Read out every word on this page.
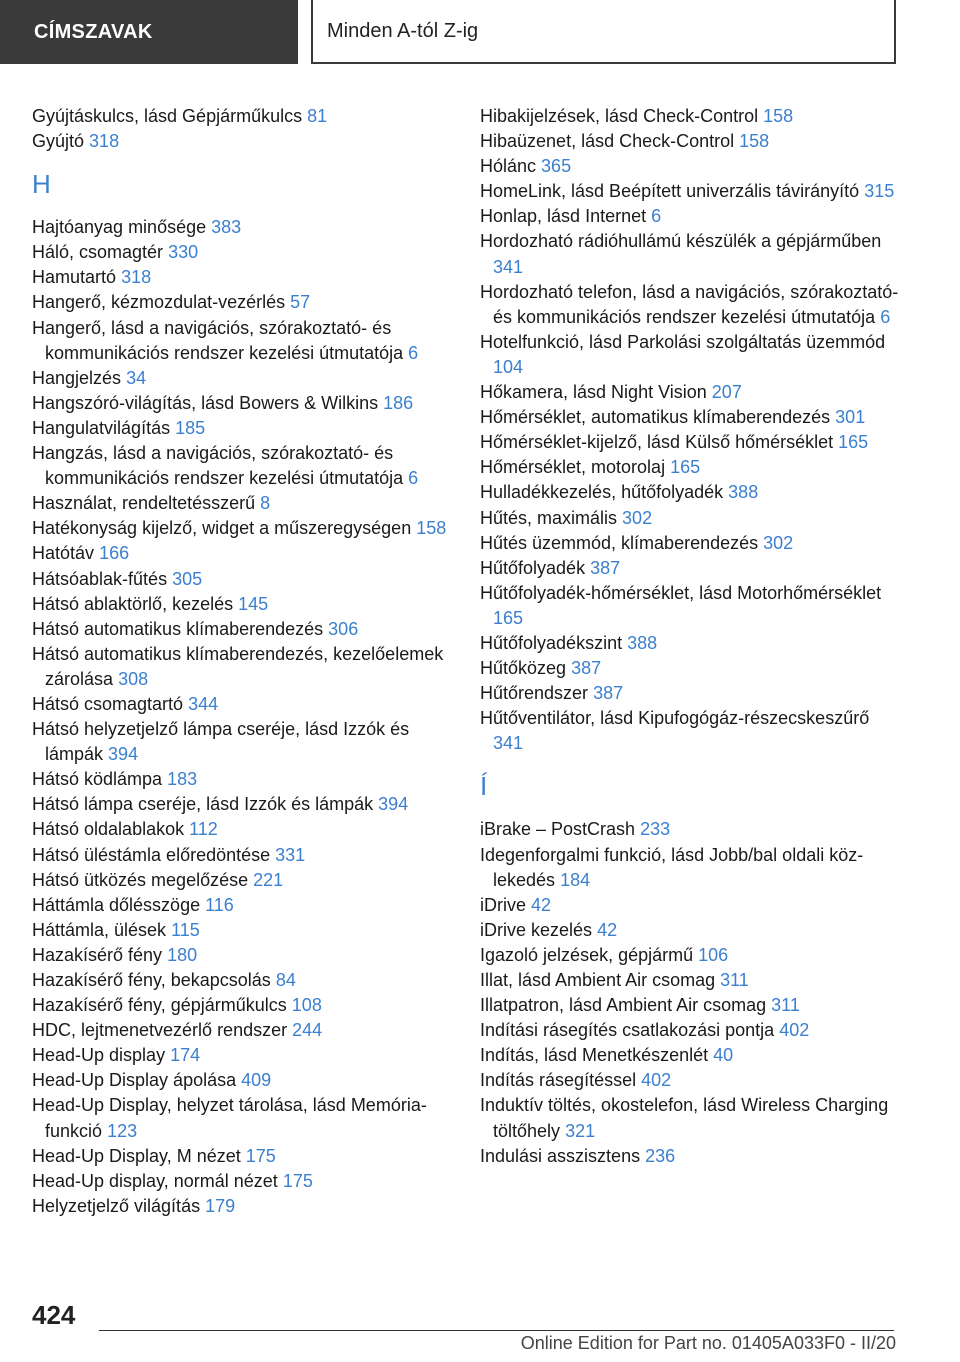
CÍMSZAVAK	Minden A-tól Z-ig

Gyújtáskulcs, lásd Gépjárműkulcs 81

Gyújtó 318

H

Hajtóanyag minősége 383

Háló, csomagtér 330

Hamutartó 318

Hangerő, kézmozdulat-vezérlés 57

Hangerő, lásd a navigációs, szórakoztató- és kommunikációs rendszer kezelési útmutatója 6

Hangjelzés 34

Hangszóró-világítás, lásd Bowers & Wilkins 186

Hangulatvilágítás 185

Hangzás, lásd a navigációs, szórakoztató- és kommunikációs rendszer kezelési útmutatója 6

Használat, rendeltetésszerű 8

Hatékonyság kijelző, widget a műszeregységen 158

Hatótáv 166

Hátsóablak-fűtés 305

Hátsó ablaktörlő, kezelés 145

Hátsó automatikus klímaberendezés 306

Hátsó automatikus klímaberendezés, kezelőelemek zárolása 308

Hátsó csomagtartó 344

Hátsó helyzetjelző lámpa cseréje, lásd Izzók és lámpák 394

Hátsó ködlámpa 183

Hátsó lámpa cseréje, lásd Izzók és lámpák 394

Hátsó oldalablakok 112

Hátsó üléstámla előredöntése 331

Hátsó ütközés megelőzése 221

Háttámla dőlésszöge 116

Háttámla, ülések 115

Hazakísérő fény 180

Hazakísérő fény, bekapcsolás 84

Hazakísérő fény, gépjárműkulcs 108

HDC, lejtmenetvezérlő rendszer 244

Head-Up display 174

Head-Up Display ápolása 409

Head-Up Display, helyzet tárolása, lásd Memóriafunkció 123

Head-Up Display, M nézet 175

Head-Up display, normál nézet 175

Helyzetjelző világítás 179

Hibakijelzések, lásd Check-Control 158

Hibaüzenet, lásd Check-Control 158

Hólánc 365

HomeLink, lásd Beépített univerzális távirányító 315

Honlap, lásd Internet 6

Hordozható rádióhullámú készülék a gépjárműben 341

Hordozható telefon, lásd a navigációs, szórakoztató- és kommunikációs rendszer kezelési útmutatója 6

Hotelfunkció, lásd Parkolási szolgáltatás üzemmód 104

Hőkamera, lásd Night Vision 207

Hőmérséklet, automatikus klímaberendezés 301

Hőmérséklet-kijelző, lásd Külső hőmérséklet 165

Hőmérséklet, motorolaj 165

Hulladékkezelés, hűtőfolyadék 388

Hűtés, maximális 302

Hűtés üzemmód, klímaberendezés 302

Hűtőfolyadék 387

Hűtőfolyadék-hőmérséklet, lásd Motorhőmérséklet 165

Hűtőfolyadékszint 388

Hűtőközeg 387

Hűtőrendszer 387

Hűtőventilátor, lásd Kipufogógáz-részecskeszűrő 341

Í

iBrake – PostCrash 233

Idegenforgalmi funkció, lásd Jobb/bal oldali közlekedés 184

iDrive 42

iDrive kezelés 42

Igazoló jelzések, gépjármű 106

Illat, lásd Ambient Air csomag 311

Illatpatron, lásd Ambient Air csomag 311

Indítási rásegítés csatlakozási pontja 402

Indítás, lásd Menetkészenlét 40

Indítás rásegítéssel 402

Induktív töltés, okostelefon, lásd Wireless Charging töltőhely 321

Indulási asszisztens 236

424
Online Edition for Part no. 01405A033F0 - II/20
